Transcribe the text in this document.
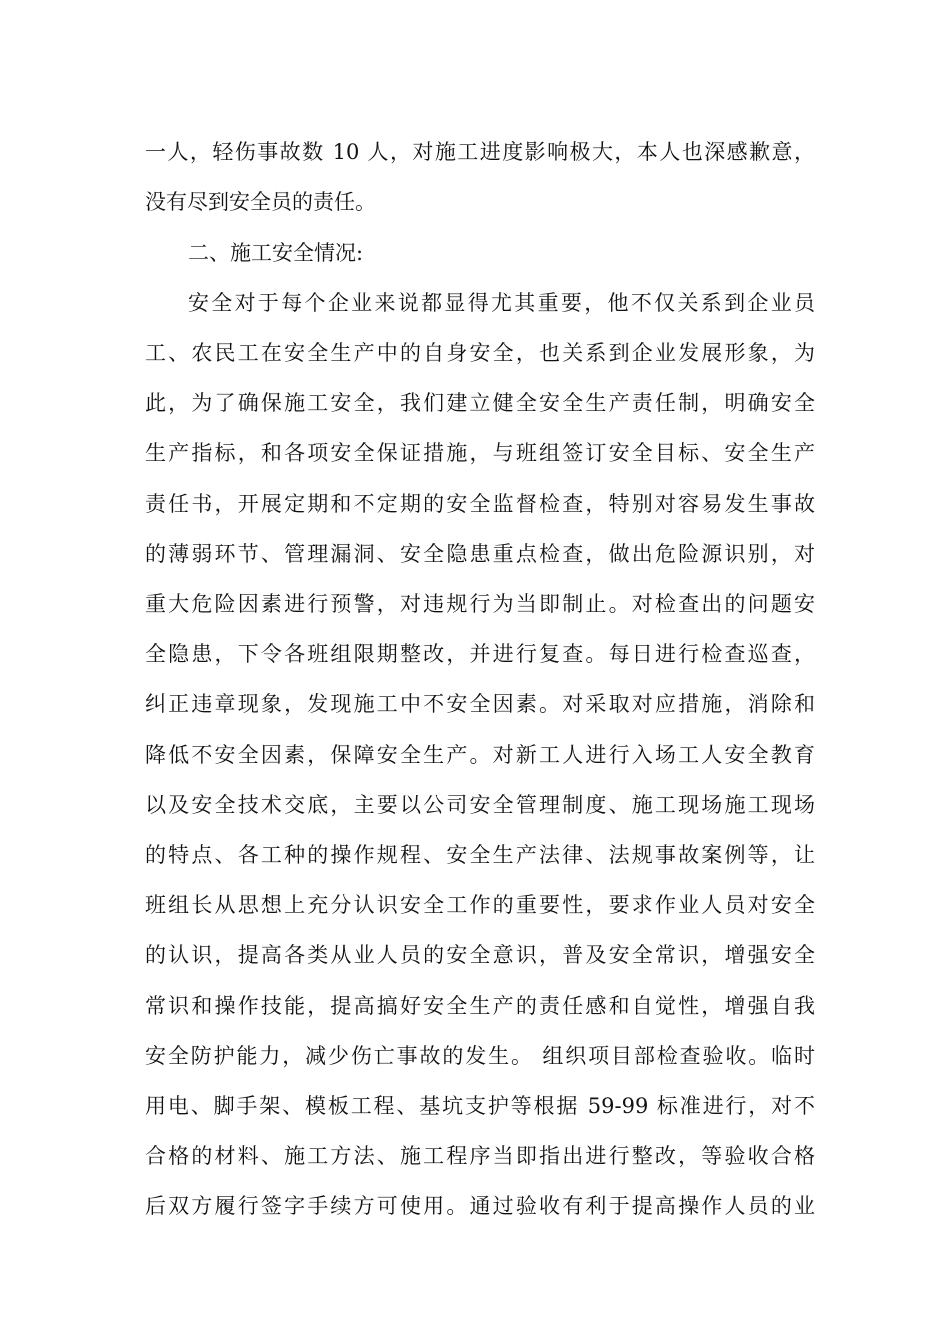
一人，轻伤事故数 10 人，对施工进度影响极大，本人也深感歉意，
没有尽到安全员的责任。
二、施工安全情况:
安全对于每个企业来说都显得尤其重要，他不仅关系到企业员
工、农民工在安全生产中的自身安全，也关系到企业发展形象，为
此，为了确保施工安全，我们建立健全安全生产责任制，明确安全
生产指标，和各项安全保证措施，与班组签订安全目标、安全生产
责任书，开展定期和不定期的安全监督检查，特别对容易发生事故
的薄弱环节、管理漏洞、安全隐患重点检查，做出危险源识别，对
重大危险因素进行预警，对违规行为当即制止。对检查出的问题安
全隐患，下令各班组限期整改，并进行复查。每日进行检查巡查，
纠正违章现象，发现施工中不安全因素。对采取对应措施，消除和
降低不安全因素，保障安全生产。对新工人进行入场工人安全教育
以及安全技术交底，主要以公司安全管理制度、施工现场施工现场
的特点、各工种的操作规程、安全生产法律、法规事故案例等，让
班组长从思想上充分认识安全工作的重要性，要求作业人员对安全
的认识，提高各类从业人员的安全意识，普及安全常识，增强安全
常识和操作技能，提高搞好安全生产的责任感和自觉性，增强自我
安全防护能力，减少伤亡事故的发生。 组织项目部检查验收。临时
用电、脚手架、模板工程、基坑支护等根据 59-99 标准进行，对不
合格的材料、施工方法、施工程序当即指出进行整改，等验收合格
后双方履行签字手续方可使用。通过验收有利于提高操作人员的业
